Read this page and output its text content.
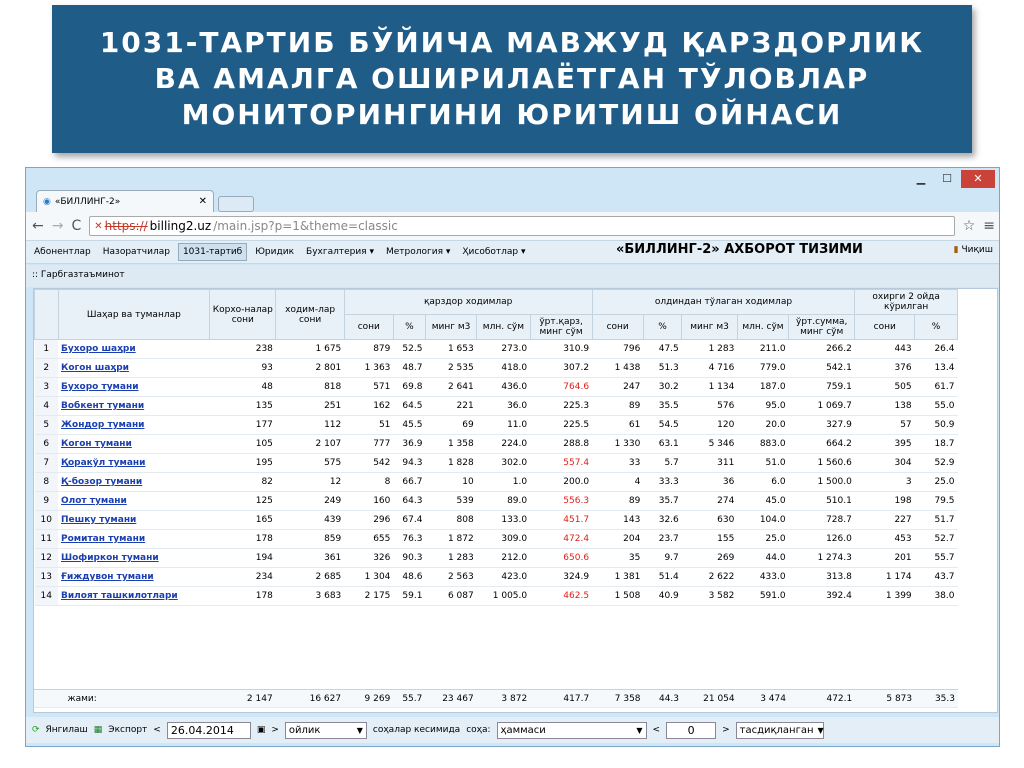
1031-ТАРТИБ БЎЙИЧА МАВЖУД ҚАРЗДОРЛИК
ВА АМАЛГА ОШИРИЛАЁТГАН ТЎЛОВЛАР
МОНИТОРИНГИНИ ЮРИТИШ ОЙНАСИ
▁	☐	✕
◉ «БИЛЛИНГ-2»	✕
← → C ✕ https:// billing2.uz /main.jsp?p=1&theme=classic	☆ ≡
Абонентлар	Назоратчилар	1031-тартиб	Юридик	Бухгалтерия ▾	Метрология ▾	Ҳисоботлар ▾	«БИЛЛИНГ-2» АХБОРОТ ТИЗИМИ	▮ Чиқиш
:: Гарбгазтаъминот
	Шаҳар ва туманлар	Корхо-налар сони	ходим-лар сони	қарздор ходимлар					олдиндан тўлаган ходимлар					охирги 2 ойда кўрилган	
				сони	%	минг м3	млн. сўм	ўрт.қарз, минг сўм	сони	%	минг м3	млн. сўм	ўрт.сумма, минг сўм	сони	%
1	Бухоро шаҳри	238	1 675	879	52.5	1 653	273.0	310.9	796	47.5	1 283	211.0	266.2	443	26.4
2	Когон шаҳри	93	2 801	1 363	48.7	2 535	418.0	307.2	1 438	51.3	4 716	779.0	542.1	376	13.4
3	Бухоро тумани	48	818	571	69.8	2 641	436.0	764.6	247	30.2	1 134	187.0	759.1	505	61.7
4	Вобкент тумани	135	251	162	64.5	221	36.0	225.3	89	35.5	576	95.0	1 069.7	138	55.0
5	Жондор тумани	177	112	51	45.5	69	11.0	225.5	61	54.5	120	20.0	327.9	57	50.9
6	Когон тумани	105	2 107	777	36.9	1 358	224.0	288.8	1 330	63.1	5 346	883.0	664.2	395	18.7
7	Қоракўл тумани	195	575	542	94.3	1 828	302.0	557.4	33	5.7	311	51.0	1 560.6	304	52.9
8	Қ-бозор тумани	82	12	8	66.7	10	1.0	200.0	4	33.3	36	6.0	1 500.0	3	25.0
9	Олот тумани	125	249	160	64.3	539	89.0	556.3	89	35.7	274	45.0	510.1	198	79.5
10	Пешку тумани	165	439	296	67.4	808	133.0	451.7	143	32.6	630	104.0	728.7	227	51.7
11	Ромитан тумани	178	859	655	76.3	1 872	309.0	472.4	204	23.7	155	25.0	126.0	453	52.7
12	Шофиркон тумани	194	361	326	90.3	1 283	212.0	650.6	35	9.7	269	44.0	1 274.3	201	55.7
13	Ғиждувон тумани	234	2 685	1 304	48.6	2 563	423.0	324.9	1 381	51.4	2 622	433.0	313.8	1 174	43.7
14	Вилоят ташкилотлари	178	3 683	2 175	59.1	6 087	1 005.0	462.5	1 508	40.9	3 582	591.0	392.4	1 399	38.0
	жами:	2 147	16 627	9 269	55.7	23 467	3 872	417.7	7 358	44.3	21 054	3 474	472.1	5 873	35.3
⟳ Янгилаш ▦ Экспорт < 26.04.2014	▣ > ойлик	▼ соҳалар кесимида соҳа: ҳаммаси	▼ <	0	> тасдиқланган ▼
